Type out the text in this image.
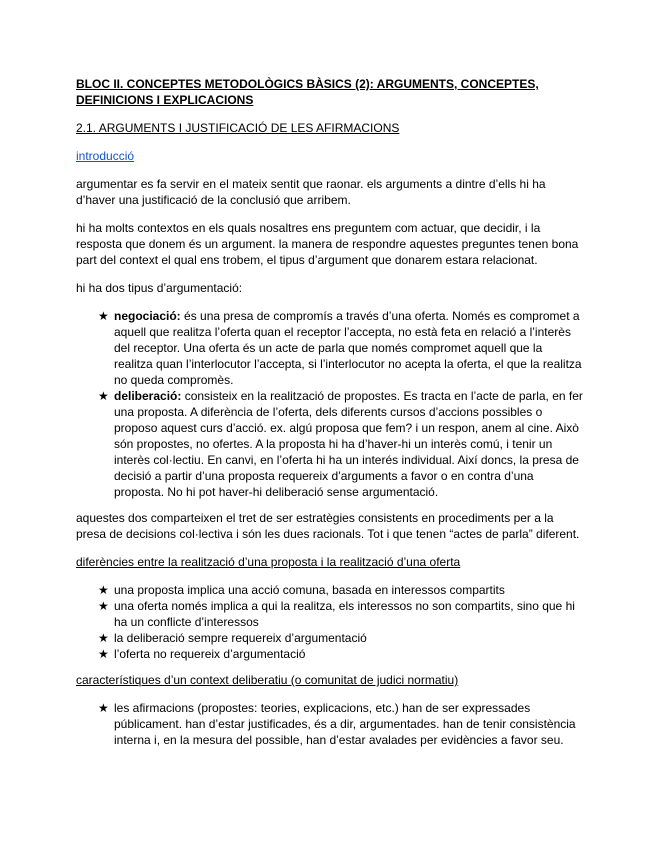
BLOC II. CONCEPTES METODOLÒGICS BÀSICS (2): ARGUMENTS, CONCEPTES, DEFINICIONS I EXPLICACIONS
2.1. ARGUMENTS I JUSTIFICACIÓ DE LES AFIRMACIONS
introducció

argumentar es fa servir en el mateix sentit que raonar. els arguments a dintre d’ells hi ha d’haver una justificació de la conclusió que arribem.

hi ha molts contextos en els quals nosaltres ens preguntem com actuar, que decidir, i la resposta que donem és un argument. la manera de respondre aquestes preguntes tenen bona part del context el qual ens trobem, el tipus d’argument que donarem estara relacionat.

hi ha dos tipus d’argumentació:

★ negociació: és una presa de compromís a través d’una oferta. Només es compromet a aquell que realitza l’oferta quan el receptor l’accepta, no està feta en relació a l’interès del receptor. Una oferta és un acte de parla que només compromet aquell que la realitza quan l’interlocutor l’accepta, si l’interlocutor no acepta la oferta, el que la realitza no queda compromès.
★ deliberació: consisteix en la realització de propostes. Es tracta en l’acte de parla, en fer una proposta. A diferència de l’oferta, dels diferents cursos d’accions possibles o proposo aquest curs d’acció. ex. algú proposa que fem? i un respon, anem al cine. Això són propostes, no ofertes. A la proposta hi ha d’haver-hi un interès comú, i tenir un interès col·lectiu. En canvi, en l’oferta hi ha un interés individual. Així doncs, la presa de decisió a partir d’una proposta requereix d’arguments a favor o en contra d’una proposta. No hi pot haver-hi deliberació sense argumentació.

aquestes dos comparteixen el tret de ser estratègies consistents en procediments per a la presa de decisions col·lectiva i són les dues racionals. Tot i que tenen “actes de parla” diferent.

diferències entre la realització d’una proposta i la realització d’una oferta
★ una proposta implica una acció comuna, basada en interessos compartits
★ una oferta només implica a qui la realitza, els interessos no son compartits, sino que hi ha un conflicte d’interessos
★ la deliberació sempre requereix d’argumentació
★ l’oferta no requereix d’argumentació
característiques d’un context deliberatiu (o comunitat de judici normatiu)
★ les afirmacions (propostes: teories, explicacions, etc.) han de ser expressades públicament. han d’estar justificades, és a dir, argumentades. han de tenir consistència interna i, en la mesura del possible, han d’estar avalades per evidències a favor seu.
